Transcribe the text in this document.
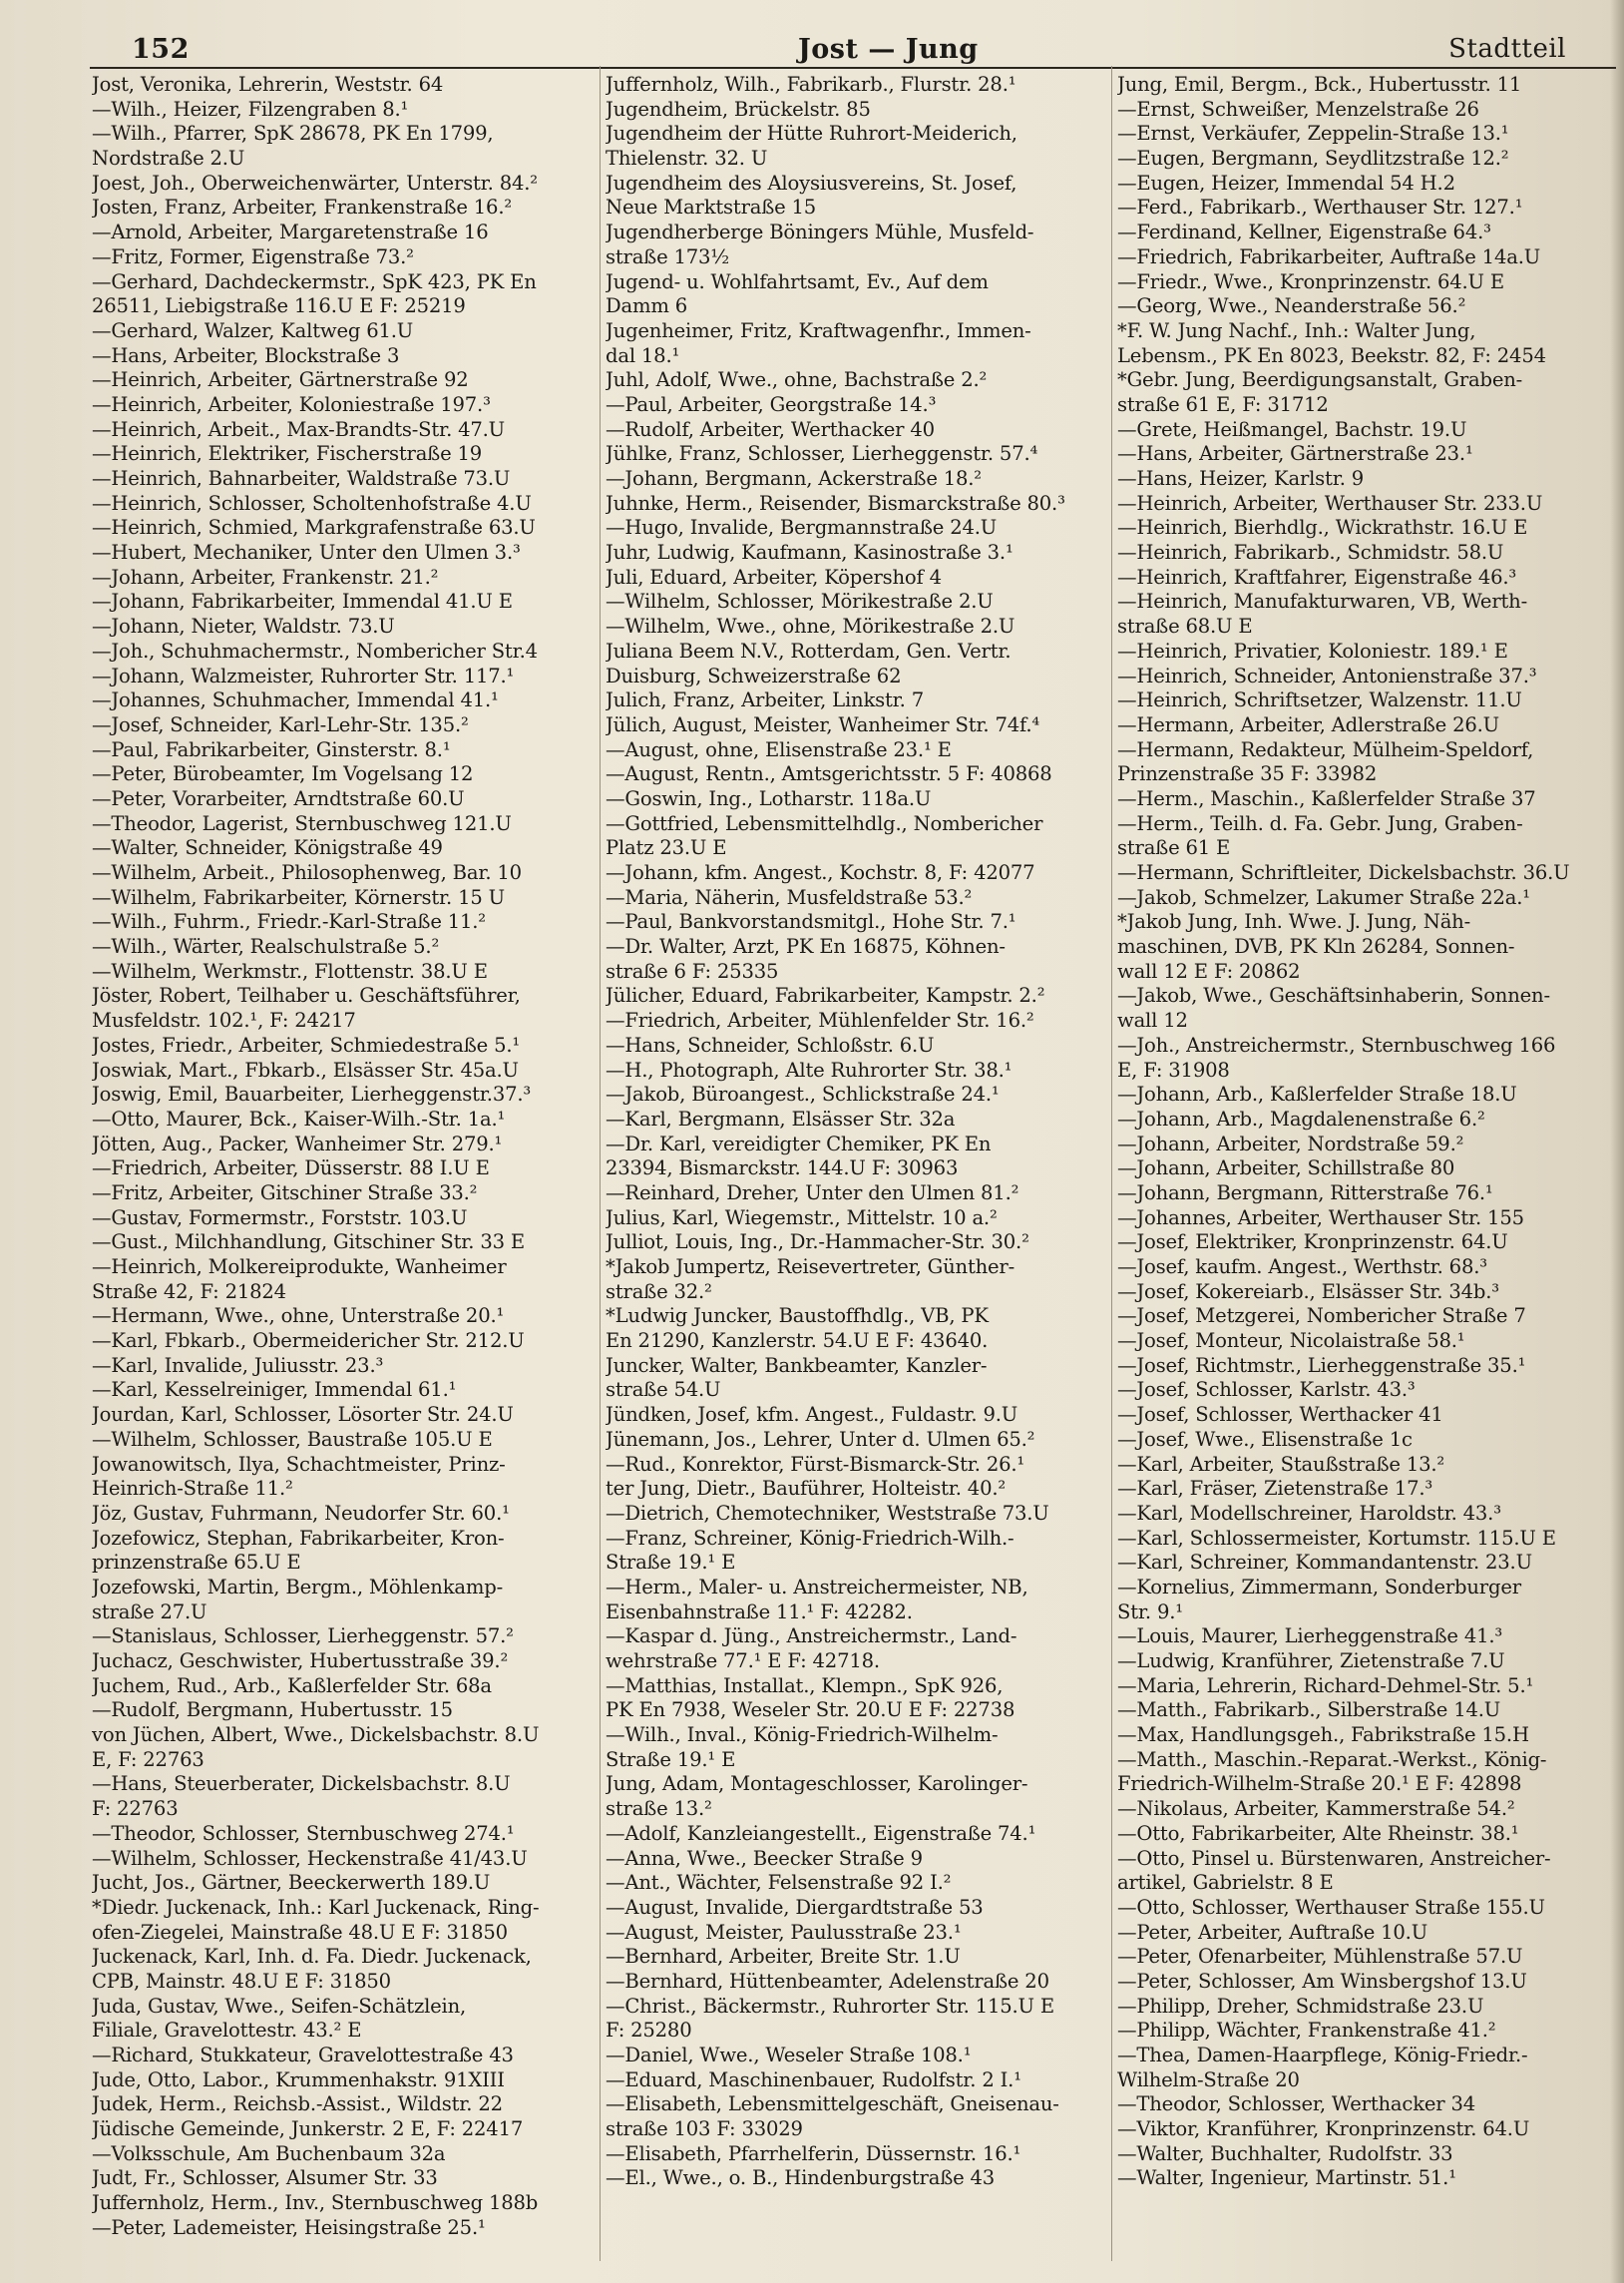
152	Jost — Jung	Stadtteil
Jost, Veronika, Lehrerin, Weststr. 64
—Wilh., Heizer, Filzengraben 8.¹
—Wilh., Pfarrer, SpK 28678, PK En 1799,
Nordstraße 2.U
Joest, Joh., Oberweichenwärter, Unterstr. 84.²
Josten, Franz, Arbeiter, Frankenstraße 16.²
—Arnold, Arbeiter, Margaretenstraße 16
—Fritz, Former, Eigenstraße 73.²
—Gerhard, Dachdeckermstr., SpK 423, PK En
26511, Liebigstraße 116.U E F: 25219
—Gerhard, Walzer, Kaltweg 61.U
—Hans, Arbeiter, Blockstraße 3
—Heinrich, Arbeiter, Gärtnerstraße 92
—Heinrich, Arbeiter, Koloniestraße 197.³
—Heinrich, Arbeit., Max-Brandts-Str. 47.U
—Heinrich, Elektriker, Fischerstraße 19
—Heinrich, Bahnarbeiter, Waldstraße 73.U
—Heinrich, Schlosser, Scholtenhofstraße 4.U
—Heinrich, Schmied, Markgrafenstraße 63.U
—Hubert, Mechaniker, Unter den Ulmen 3.³
—Johann, Arbeiter, Frankenstr. 21.²
—Johann, Fabrikarbeiter, Immendal 41.U E
—Johann, Nieter, Waldstr. 73.U
—Joh., Schuhmachermstr., Nombericher Str.4
—Johann, Walzmeister, Ruhrorter Str. 117.¹
—Johannes, Schuhmacher, Immendal 41.¹
—Josef, Schneider, Karl-Lehr-Str. 135.²
—Paul, Fabrikarbeiter, Ginsterstr. 8.¹
—Peter, Bürobeamter, Im Vogelsang 12
—Peter, Vorarbeiter, Arndtstraße 60.U
—Theodor, Lagerist, Sternbuschweg 121.U
—Walter, Schneider, Königstraße 49
—Wilhelm, Arbeit., Philosophenweg, Bar. 10
—Wilhelm, Fabrikarbeiter, Körnerstr. 15 U
—Wilh., Fuhrm., Friedr.-Karl-Straße 11.²
—Wilh., Wärter, Realschulstraße 5.²
—Wilhelm, Werkmstr., Flottenstr. 38.U E
Jöster, Robert, Teilhaber u. Geschäftsführer,
Musfeldstr. 102.¹, F: 24217
Jostes, Friedr., Arbeiter, Schmiedestraße 5.¹
Joswiak, Mart., Fbkarb., Elsässer Str. 45a.U
Joswig, Emil, Bauarbeiter, Lierheggenstr.37.³
—Otto, Maurer, Bck., Kaiser-Wilh.-Str. 1a.¹
Jötten, Aug., Packer, Wanheimer Str. 279.¹
—Friedrich, Arbeiter, Düsserstr. 88 I.U E
—Fritz, Arbeiter, Gitschiner Straße 33.²
—Gustav, Formermstr., Forststr. 103.U
—Gust., Milchhandlung, Gitschiner Str. 33 E
—Heinrich, Molkereiprodukte, Wanheimer
Straße 42, F: 21824
—Hermann, Wwe., ohne, Unterstraße 20.¹
—Karl, Fbkarb., Obermeidericher Str. 212.U
—Karl, Invalide, Juliusstr. 23.³
—Karl, Kesselreiniger, Immendal 61.¹
Jourdan, Karl, Schlosser, Lösorter Str. 24.U
—Wilhelm, Schlosser, Baustraße 105.U E
Jowanowitsch, Ilya, Schachtmeister, Prinz-
Heinrich-Straße 11.²
Jöz, Gustav, Fuhrmann, Neudorfer Str. 60.¹
Jozefowicz, Stephan, Fabrikarbeiter, Kron-
prinzenstraße 65.U E
Jozefowski, Martin, Bergm., Möhlenkamp-
straße 27.U
—Stanislaus, Schlosser, Lierheggenstr. 57.²
Juchacz, Geschwister, Hubertusstraße 39.²
Juchem, Rud., Arb., Kaßlerfelder Str. 68a
—Rudolf, Bergmann, Hubertusstr. 15
von Jüchen, Albert, Wwe., Dickelsbachstr. 8.U
E, F: 22763
—Hans, Steuerberater, Dickelsbachstr. 8.U
F: 22763
—Theodor, Schlosser, Sternbuschweg 274.¹
—Wilhelm, Schlosser, Heckenstraße 41/43.U
Jucht, Jos., Gärtner, Beeckerwerth 189.U
*Diedr. Juckenack, Inh.: Karl Juckenack, Ring-
ofen-Ziegelei, Mainstraße 48.U E F: 31850
Juckenack, Karl, Inh. d. Fa. Diedr. Juckenack,
CPB, Mainstr. 48.U E F: 31850
Juda, Gustav, Wwe., Seifen-Schätzlein,
Filiale, Gravelottestr. 43.² E
—Richard, Stukkateur, Gravelottestraße 43
Jude, Otto, Labor., Krummenhakstr. 91XIII
Judek, Herm., Reichsb.-Assist., Wildstr. 22
Jüdische Gemeinde, Junkerstr. 2 E, F: 22417
—Volksschule, Am Buchenbaum 32a
Judt, Fr., Schlosser, Alsumer Str. 33
Juffernholz, Herm., Inv., Sternbuschweg 188b
—Peter, Lademeister, Heisingstraße 25.¹
Juffernholz, Wilh., Fabrikarb., Flurstr. 28.¹
Jugendheim, Brückelstr. 85
Jugendheim der Hütte Ruhrort-Meiderich,
Thielenstr. 32. U
Jugendheim des Aloysiusvereins, St. Josef,
Neue Marktstraße 15
Jugendherberge Böningers Mühle, Musfeld-
straße 173½
Jugend- u. Wohlfahrtsamt, Ev., Auf dem
Damm 6
Jugenheimer, Fritz, Kraftwagenfhr., Immen-
dal 18.¹
Juhl, Adolf, Wwe., ohne, Bachstraße 2.²
—Paul, Arbeiter, Georgstraße 14.³
—Rudolf, Arbeiter, Werthacker 40
Jühlke, Franz, Schlosser, Lierheggenstr. 57.⁴
—Johann, Bergmann, Ackerstraße 18.²
Juhnke, Herm., Reisender, Bismarckstraße 80.³
—Hugo, Invalide, Bergmannstraße 24.U
Juhr, Ludwig, Kaufmann, Kasinostraße 3.¹
Juli, Eduard, Arbeiter, Köpershof 4
—Wilhelm, Schlosser, Mörikestraße 2.U
—Wilhelm, Wwe., ohne, Mörikestraße 2.U
Juliana Beem N.V., Rotterdam, Gen. Vertr.
Duisburg, Schweizerstraße 62
Julich, Franz, Arbeiter, Linkstr. 7
Jülich, August, Meister, Wanheimer Str. 74f.⁴
—August, ohne, Elisenstraße 23.¹ E
—August, Rentn., Amtsgerichtsstr. 5 F: 40868
—Goswin, Ing., Lotharstr. 118a.U
—Gottfried, Lebensmittelhdlg., Nombericher
Platz 23.U E
—Johann, kfm. Angest., Kochstr. 8, F: 42077
—Maria, Näherin, Musfeldstraße 53.²
—Paul, Bankvorstandsmitgl., Hohe Str. 7.¹
—Dr. Walter, Arzt, PK En 16875, Köhnen-
straße 6 F: 25335
Jülicher, Eduard, Fabrikarbeiter, Kampstr. 2.²
—Friedrich, Arbeiter, Mühlenfelder Str. 16.²
—Hans, Schneider, Schloßstr. 6.U
—H., Photograph, Alte Ruhrorter Str. 38.¹
—Jakob, Büroangest., Schlickstraße 24.¹
—Karl, Bergmann, Elsässer Str. 32a
—Dr. Karl, vereidigter Chemiker, PK En
23394, Bismarckstr. 144.U F: 30963
—Reinhard, Dreher, Unter den Ulmen 81.²
Julius, Karl, Wiegemstr., Mittelstr. 10 a.²
Julliot, Louis, Ing., Dr.-Hammacher-Str. 30.²
*Jakob Jumpertz, Reisevertreter, Günther-
straße 32.²
*Ludwig Juncker, Baustoffhdlg., VB, PK
En 21290, Kanzlerstr. 54.U E F: 43640.
Juncker, Walter, Bankbeamter, Kanzler-
straße 54.U
Jündken, Josef, kfm. Angest., Fuldastr. 9.U
Jünemann, Jos., Lehrer, Unter d. Ulmen 65.²
—Rud., Konrektor, Fürst-Bismarck-Str. 26.¹
ter Jung, Dietr., Bauführer, Holteistr. 40.²
—Dietrich, Chemotechniker, Weststraße 73.U
—Franz, Schreiner, König-Friedrich-Wilh.-
Straße 19.¹ E
—Herm., Maler- u. Anstreichermeister, NB,
Eisenbahnstraße 11.¹ F: 42282.
—Kaspar d. Jüng., Anstreichermstr., Land-
wehrstraße 77.¹ E F: 42718.
—Matthias, Installat., Klempn., SpK 926,
PK En 7938, Weseler Str. 20.U E F: 22738
—Wilh., Inval., König-Friedrich-Wilhelm-
Straße 19.¹ E
Jung, Adam, Montageschlosser, Karolinger-
straße 13.²
—Adolf, Kanzleiangestellt., Eigenstraße 74.¹
—Anna, Wwe., Beecker Straße 9
—Ant., Wächter, Felsenstraße 92 I.²
—August, Invalide, Diergardtstraße 53
—August, Meister, Paulusstraße 23.¹
—Bernhard, Arbeiter, Breite Str. 1.U
—Bernhard, Hüttenbeamter, Adelenstraße 20
—Christ., Bäckermstr., Ruhrorter Str. 115.U E
F: 25280
—Daniel, Wwe., Weseler Straße 108.¹
—Eduard, Maschinenbauer, Rudolfstr. 2 I.¹
—Elisabeth, Lebensmittelgeschäft, Gneisenau-
straße 103 F: 33029
—Elisabeth, Pfarrhelferin, Düssernstr. 16.¹
—El., Wwe., o. B., Hindenburgstraße 43
Jung, Emil, Bergm., Bck., Hubertusstr. 11
—Ernst, Schweißer, Menzelstraße 26
—Ernst, Verkäufer, Zeppelin-Straße 13.¹
—Eugen, Bergmann, Seydlitzstraße 12.²
—Eugen, Heizer, Immendal 54 H.2
—Ferd., Fabrikarb., Werthauser Str. 127.¹
—Ferdinand, Kellner, Eigenstraße 64.³
—Friedrich, Fabrikarbeiter, Auftraße 14a.U
—Friedr., Wwe., Kronprinzenstr. 64.U E
—Georg, Wwe., Neanderstraße 56.²
*F. W. Jung Nachf., Inh.: Walter Jung,
Lebensm., PK En 8023, Beekstr. 82, F: 2454
*Gebr. Jung, Beerdigungsanstalt, Graben-
straße 61 E, F: 31712
—Grete, Heißmangel, Bachstr. 19.U
—Hans, Arbeiter, Gärtnerstraße 23.¹
—Hans, Heizer, Karlstr. 9
—Heinrich, Arbeiter, Werthauser Str. 233.U
—Heinrich, Bierhdlg., Wickrathstr. 16.U E
—Heinrich, Fabrikarb., Schmidstr. 58.U
—Heinrich, Kraftfahrer, Eigenstraße 46.³
—Heinrich, Manufakturwaren, VB, Werth-
straße 68.U E
—Heinrich, Privatier, Koloniestr. 189.¹ E
—Heinrich, Schneider, Antonienstraße 37.³
—Heinrich, Schriftsetzer, Walzenstr. 11.U
—Hermann, Arbeiter, Adlerstraße 26.U
—Hermann, Redakteur, Mülheim-Speldorf,
Prinzenstraße 35 F: 33982
—Herm., Maschin., Kaßlerfelder Straße 37
—Herm., Teilh. d. Fa. Gebr. Jung, Graben-
straße 61 E
—Hermann, Schriftleiter, Dickelsbachstr. 36.U
—Jakob, Schmelzer, Lakumer Straße 22a.¹
*Jakob Jung, Inh. Wwe. J. Jung, Näh-
maschinen, DVB, PK Kln 26284, Sonnen-
wall 12 E F: 20862
—Jakob, Wwe., Geschäftsinhaberin, Sonnen-
wall 12
—Joh., Anstreichermstr., Sternbuschweg 166
E, F: 31908
—Johann, Arb., Kaßlerfelder Straße 18.U
—Johann, Arb., Magdalenenstraße 6.²
—Johann, Arbeiter, Nordstraße 59.²
—Johann, Arbeiter, Schillstraße 80
—Johann, Bergmann, Ritterstraße 76.¹
—Johannes, Arbeiter, Werthauser Str. 155
—Josef, Elektriker, Kronprinzenstr. 64.U
—Josef, kaufm. Angest., Werthstr. 68.³
—Josef, Kokereiarb., Elsässer Str. 34b.³
—Josef, Metzgerei, Nombericher Straße 7
—Josef, Monteur, Nicolaistraße 58.¹
—Josef, Richtmstr., Lierheggenstraße 35.¹
—Josef, Schlosser, Karlstr. 43.³
—Josef, Schlosser, Werthacker 41
—Josef, Wwe., Elisenstraße 1c
—Karl, Arbeiter, Staußstraße 13.²
—Karl, Fräser, Zietenstraße 17.³
—Karl, Modellschreiner, Haroldstr. 43.³
—Karl, Schlossermeister, Kortumstr. 115.U E
—Karl, Schreiner, Kommandantenstr. 23.U
—Kornelius, Zimmermann, Sonderburger
Str. 9.¹
—Louis, Maurer, Lierheggenstraße 41.³
—Ludwig, Kranführer, Zietenstraße 7.U
—Maria, Lehrerin, Richard-Dehmel-Str. 5.¹
—Matth., Fabrikarb., Silberstraße 14.U
—Max, Handlungsgeh., Fabrikstraße 15.H
—Matth., Maschin.-Reparat.-Werkst., König-
Friedrich-Wilhelm-Straße 20.¹ E F: 42898
—Nikolaus, Arbeiter, Kammerstraße 54.²
—Otto, Fabrikarbeiter, Alte Rheinstr. 38.¹
—Otto, Pinsel u. Bürstenwaren, Anstreicher-
artikel, Gabrielstr. 8 E
—Otto, Schlosser, Werthauser Straße 155.U
—Peter, Arbeiter, Auftraße 10.U
—Peter, Ofenarbeiter, Mühlenstraße 57.U
—Peter, Schlosser, Am Winsbergshof 13.U
—Philipp, Dreher, Schmidstraße 23.U
—Philipp, Wächter, Frankenstraße 41.²
—Thea, Damen-Haarpflege, König-Friedr.-
Wilhelm-Straße 20
—Theodor, Schlosser, Werthacker 34
—Viktor, Kranführer, Kronprinzenstr. 64.U
—Walter, Buchhalter, Rudolfstr. 33
—Walter, Ingenieur, Martinstr. 51.¹
